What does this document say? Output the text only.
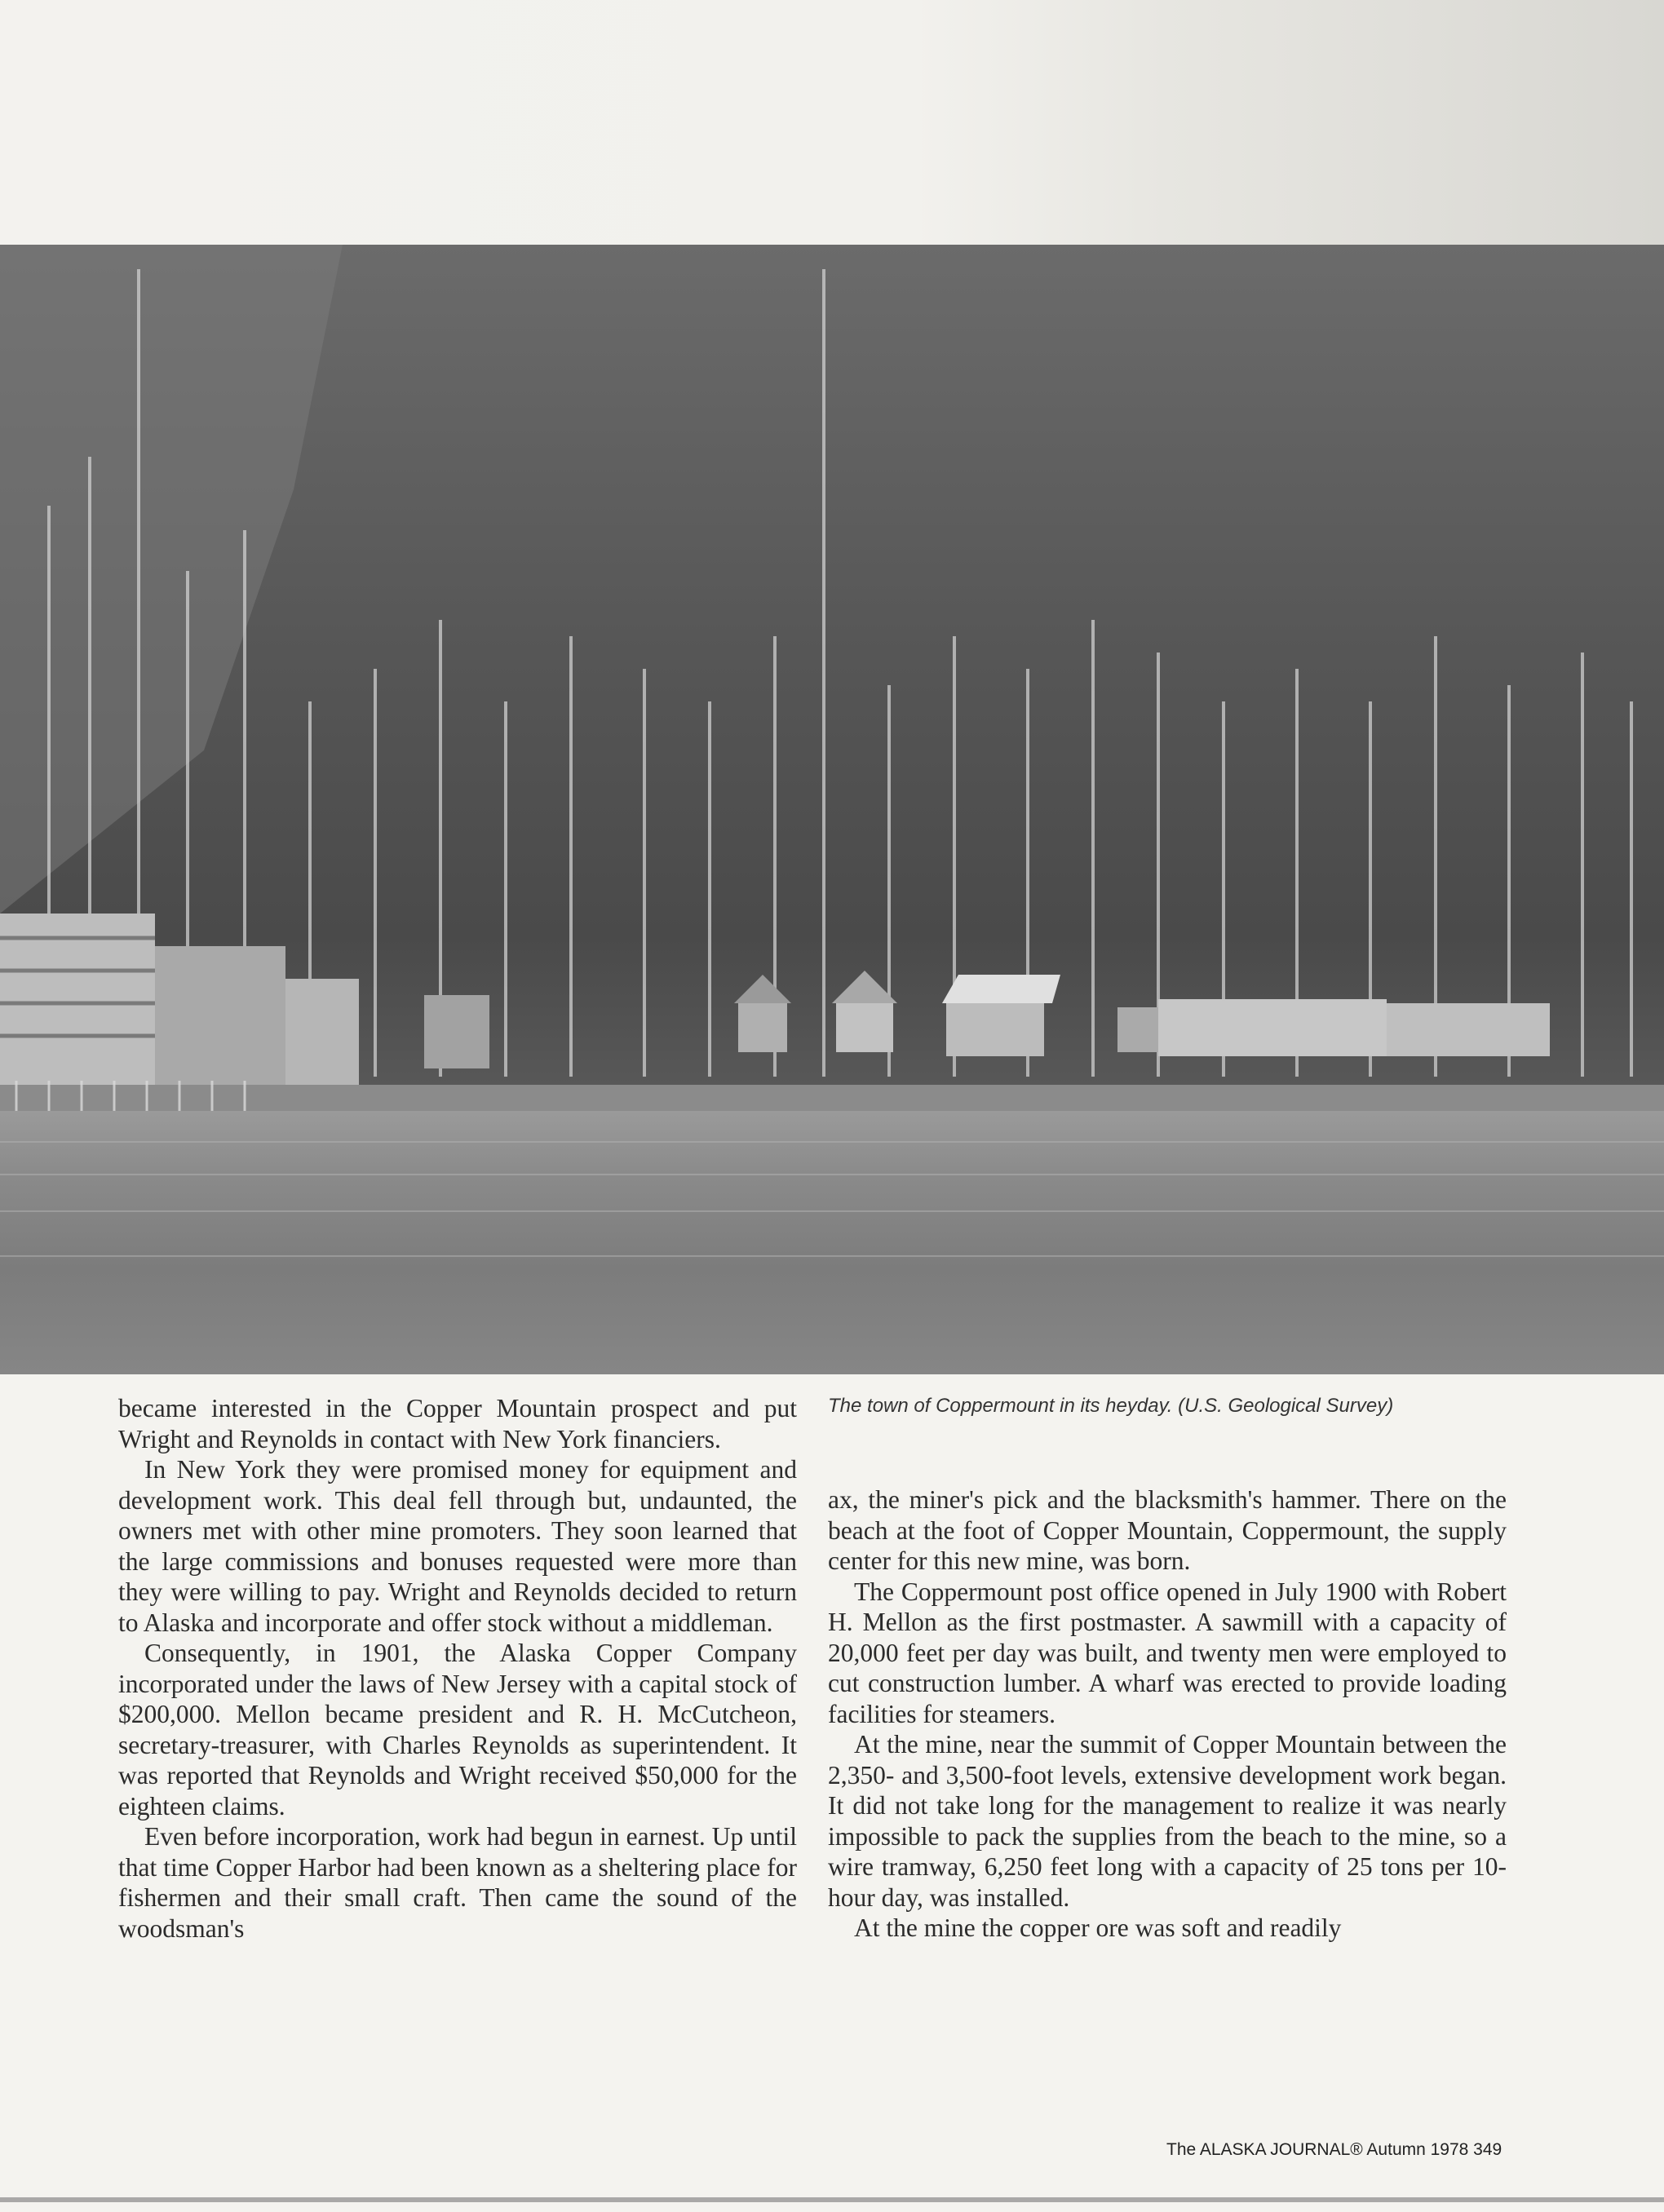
The town of Coppermount in its heyday. (U.S. Geological Survey)

became interested in the Copper Mountain prospect and put Wright and Reynolds in contact with New York financiers.

In New York they were promised money for equipment and development work. This deal fell through but, undaunted, the owners met with other mine promoters. They soon learned that the large commissions and bonuses requested were more than they were willing to pay. Wright and Reynolds decided to return to Alaska and incorporate and offer stock without a middleman.

Consequently, in 1901, the Alaska Copper Company incorporated under the laws of New Jersey with a capital stock of $200,000. Mellon became president and R. H. McCutcheon, secretary-treasurer, with Charles Reynolds as superintendent. It was reported that Reynolds and Wright received $50,000 for the eighteen claims.

Even before incorporation, work had begun in earnest. Up until that time Copper Harbor had been known as a sheltering place for fishermen and their small craft. Then came the sound of the woodsman's

ax, the miner's pick and the blacksmith's hammer. There on the beach at the foot of Copper Mountain, Coppermount, the supply center for this new mine, was born.

The Coppermount post office opened in July 1900 with Robert H. Mellon as the first postmaster. A sawmill with a capacity of 20,000 feet per day was built, and twenty men were employed to cut construction lumber. A wharf was erected to provide loading facilities for steamers.

At the mine, near the summit of Copper Mountain between the 2,350- and 3,500-foot levels, extensive development work began. It did not take long for the management to realize it was nearly impossible to pack the supplies from the beach to the mine, so a wire tramway, 6,250 feet long with a capacity of 25 tons per 10-hour day, was installed.

At the mine the copper ore was soft and readily

The ALASKA JOURNAL® Autumn 1978 349
